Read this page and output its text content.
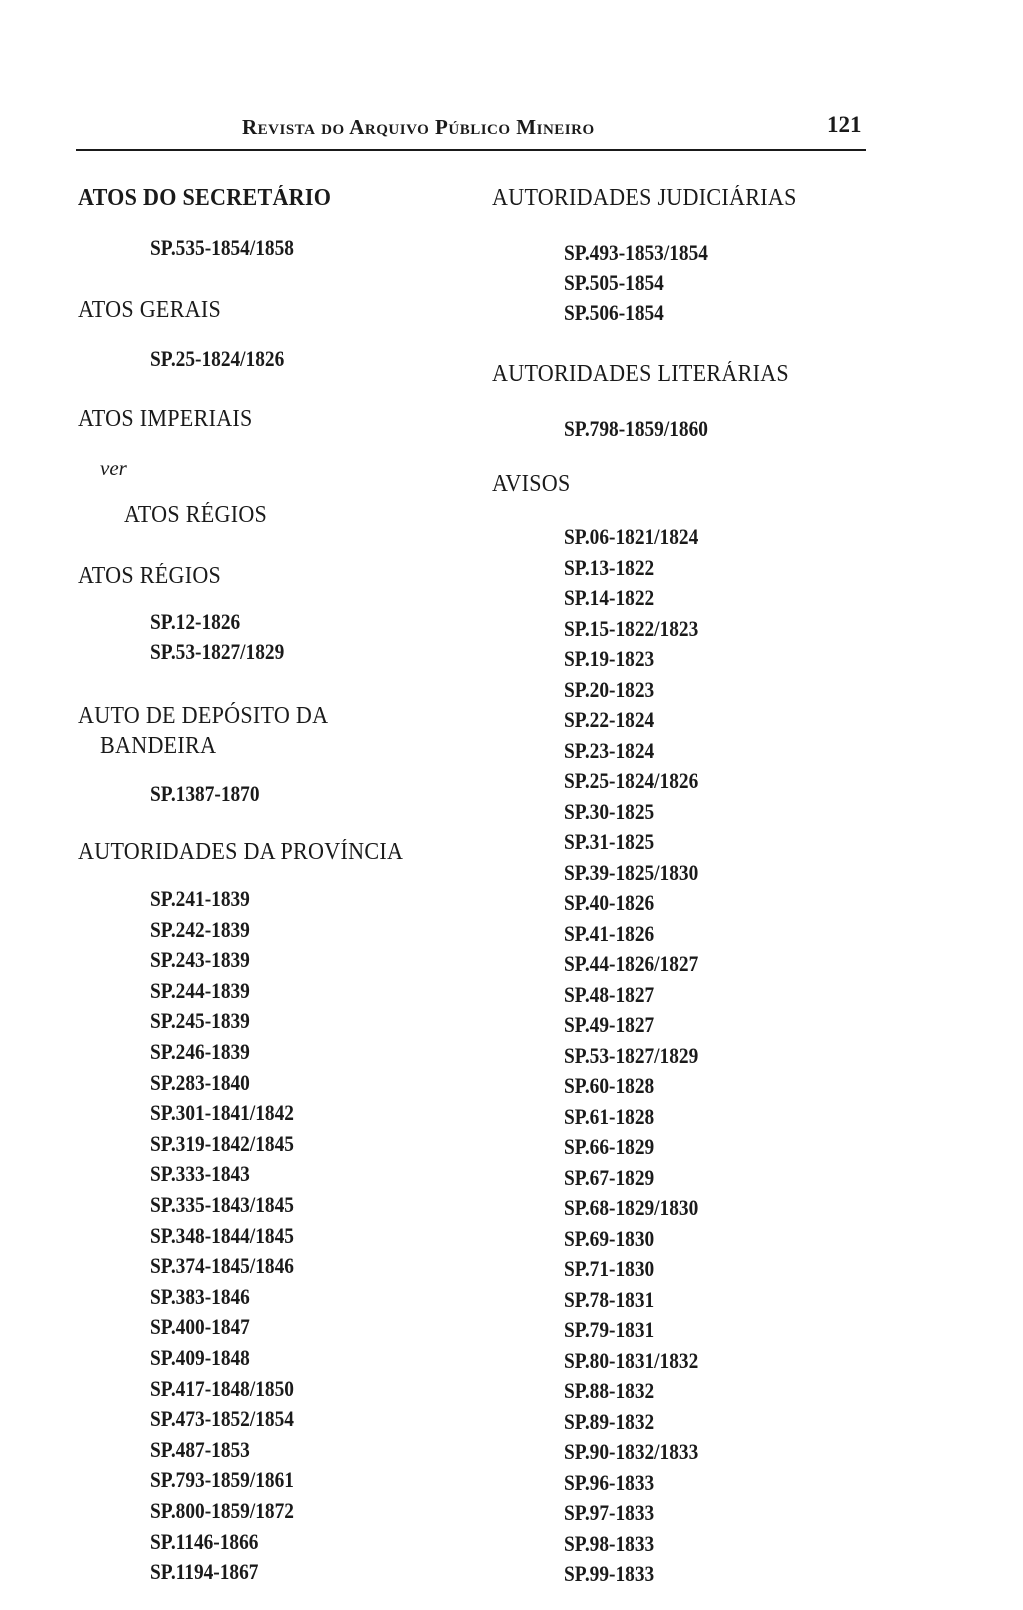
Revista do Arquivo Público Mineiro	121
ATOS DO SECRETÁRIO
SP.535-1854/1858
ATOS GERAIS
SP.25-1824/1826
ATOS IMPERIAIS
ver
ATOS RÉGIOS
ATOS RÉGIOS
SP.12-1826
SP.53-1827/1829
AUTO DE DEPÓSITO DA
BANDEIRA
SP.1387-1870
AUTORIDADES DA PROVÍNCIA
SP.241-1839
SP.242-1839
SP.243-1839
SP.244-1839
SP.245-1839
SP.246-1839
SP.283-1840
SP.301-1841/1842
SP.319-1842/1845
SP.333-1843
SP.335-1843/1845
SP.348-1844/1845
SP.374-1845/1846
SP.383-1846
SP.400-1847
SP.409-1848
SP.417-1848/1850
SP.473-1852/1854
SP.487-1853
SP.793-1859/1861
SP.800-1859/1872
SP.1146-1866
SP.1194-1867
AUTORIDADES JUDICIÁRIAS
SP.493-1853/1854
SP.505-1854
SP.506-1854
AUTORIDADES LITERÁRIAS
SP.798-1859/1860
AVISOS
SP.06-1821/1824
SP.13-1822
SP.14-1822
SP.15-1822/1823
SP.19-1823
SP.20-1823
SP.22-1824
SP.23-1824
SP.25-1824/1826
SP.30-1825
SP.31-1825
SP.39-1825/1830
SP.40-1826
SP.41-1826
SP.44-1826/1827
SP.48-1827
SP.49-1827
SP.53-1827/1829
SP.60-1828
SP.61-1828
SP.66-1829
SP.67-1829
SP.68-1829/1830
SP.69-1830
SP.71-1830
SP.78-1831
SP.79-1831
SP.80-1831/1832
SP.88-1832
SP.89-1832
SP.90-1832/1833
SP.96-1833
SP.97-1833
SP.98-1833
SP.99-1833
